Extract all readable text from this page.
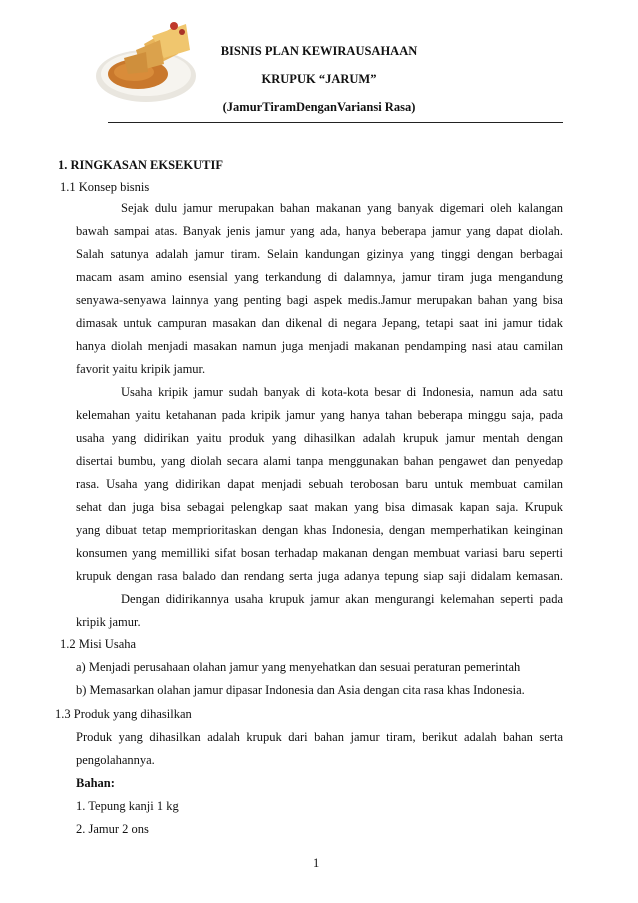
BISNIS PLAN KEWIRAUSAHAAN
KRUPUK “JARUM”
(JamurTiramDenganVariansi Rasa)
1. RINGKASAN EKSEKUTIF
1.1 Konsep bisnis
Sejak dulu jamur merupakan bahan makanan yang banyak digemari oleh kalangan
bawah sampai atas. Banyak jenis jamur yang ada, hanya beberapa jamur yang dapat diolah.
Salah satunya adalah jamur tiram. Selain kandungan gizinya yang tinggi dengan berbagai
macam asam amino esensial yang terkandung di dalamnya, jamur tiram juga mengandung
senyawa-senyawa lainnya yang penting bagi aspek medis.Jamur merupakan bahan yang bisa
dimasak untuk campuran masakan dan dikenal di negara Jepang, tetapi saat ini jamur tidak
hanya diolah menjadi masakan namun juga menjadi makanan pendamping nasi atau camilan
favorit yaitu kripik jamur.
Usaha kripik jamur sudah banyak di kota-kota besar di Indonesia, namun ada satu
kelemahan yaitu ketahanan pada kripik jamur yang hanya tahan beberapa minggu saja, pada
usaha yang didirikan yaitu produk yang dihasilkan adalah krupuk jamur mentah dengan
disertai bumbu, yang diolah secara alami tanpa menggunakan bahan pengawet dan penyedap
rasa. Usaha yang didirikan dapat menjadi sebuah terobosan baru untuk membuat camilan
sehat dan juga bisa sebagai pelengkap saat makan yang bisa dimasak kapan saja. Krupuk
yang dibuat tetap memprioritaskan dengan khas Indonesia, dengan memperhatikan keinginan
konsumen yang memilliki sifat bosan terhadap makanan dengan membuat variasi baru seperti
krupuk dengan rasa balado dan rendang serta juga adanya tepung siap saji didalam kemasan.
Dengan didirikannya usaha krupuk jamur akan mengurangi kelemahan seperti pada
kripik jamur.
1.2 Misi Usaha
a) Menjadi perusahaan olahan jamur yang menyehatkan dan sesuai peraturan pemerintah
b) Memasarkan olahan jamur dipasar Indonesia dan Asia dengan cita rasa khas Indonesia.
1.3 Produk yang dihasilkan
Produk yang dihasilkan adalah krupuk dari bahan jamur tiram, berikut adalah bahan serta
pengolahannya.
Bahan:
1. Tepung kanji 1 kg
2. Jamur 2 ons
1
